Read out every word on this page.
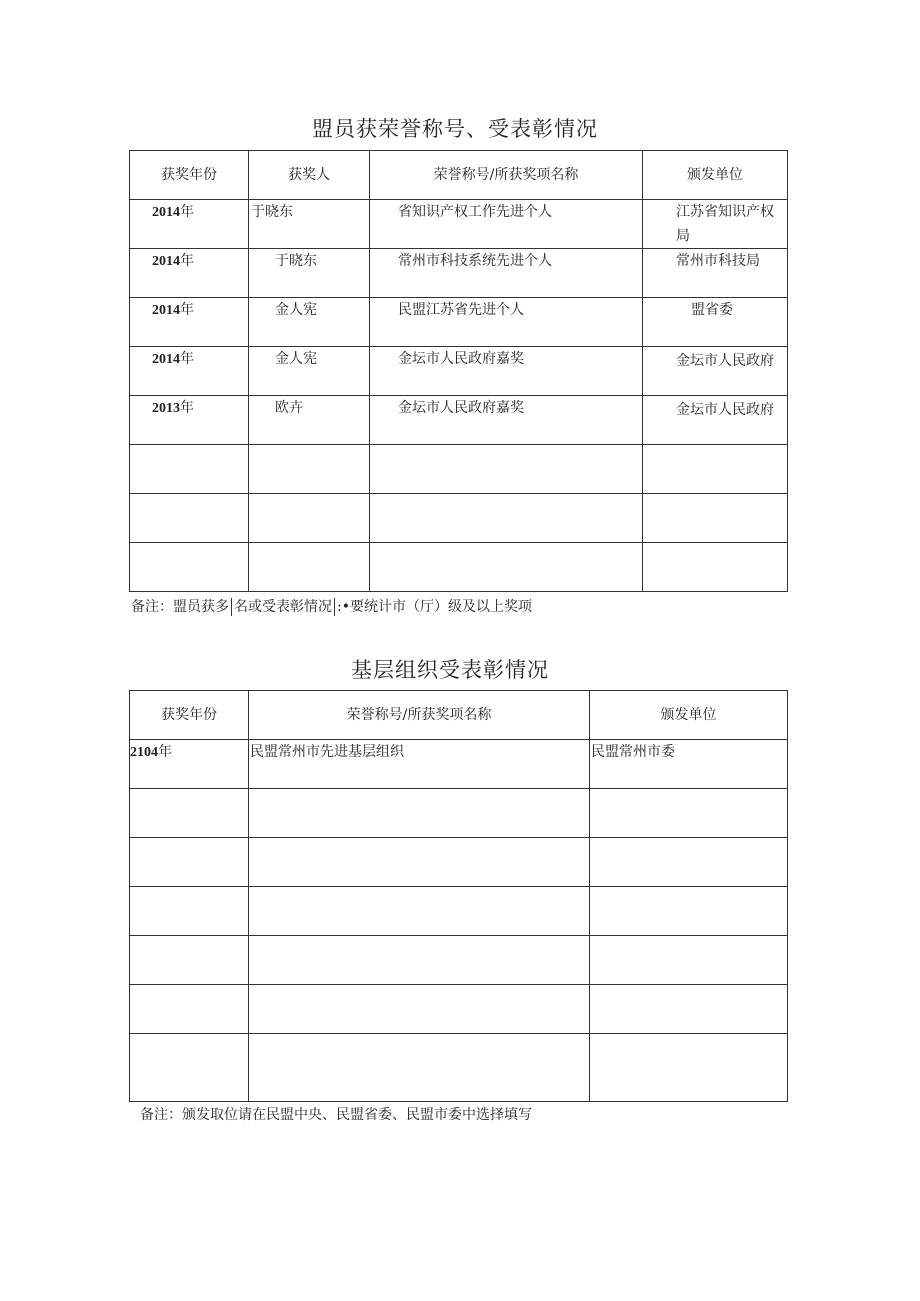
盟员获荣誉称号、受表彰情况
获奖年份	获奖人	荣誉称号/所获奖项名称	颁发单位
2014年	于晓东	省知识产权工作先进个人	江苏省知识产权局
2014年	于晓东	常州市科技系统先进个人	常州市科技局
2014年	金人宪	民盟江苏省先进个人	盟省委
2014年	金人宪	金坛市人民政府嘉奖	金坛市人民政府
2013年	欧卉	金坛市人民政府嘉奖	金坛市人民政府

备注：盟员获多 名或受表彰情况 :•要统计市（厅）级及以上奖项
基层组织受表彰情况
获奖年份	荣誉称号/所获奖项名称	颁发单位
2104年	民盟常州市先进基层组织	民盟常州市委

备注：颁发取位请在民盟中央、民盟省委、民盟市委中选择填写
